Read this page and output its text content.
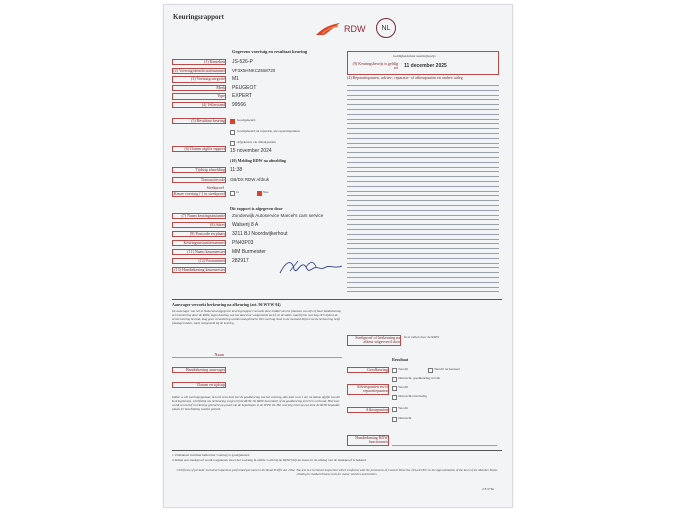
Keuringsrapport
RDW NL
Gegevens voertuig en resultaat keuring
(1) Kenteken JS-526-P
(2) Voertuigidentificatienummer VF3X5HNKCZ658720
(3) Voertuigcategorie M1
Merk PEUGEOT
Type EXPERT
(4) Tellerstand 99566
(5) Resultaat keuring	Goedgekeurd
Goedgekeurd na reparatie, zie reparatiepunten
Afgekeurd, zie afkeurpunten
(6) Datum afgifte rapport 15 november 2024
(10) Melding RDW na afmelding
Tijdstip afmelding 11:38
Transactiecode GB/DX RDW Afdruk
Steekproef
Keuze voertuig (-) in steekproef	Ja	Nee
Dit rapport is afgegeven door
(7) Naam keuringsinstantie Zonderwijk Autoservice Marcel's cars service
(8) Adres Walserij 8 A
(9) Postcode en plaats 3211 BJ Noordwijkerhout
Keuringsinstantienummer PN43P03
(11) Naam keurmeester MM Burmeister
(12) Pasnummer 282917
(13) Handtekening keurmeester
Geldigheidsduur keuringbewijs
(9) Keuringsbewijs is geldig tot 11 december 2025
(4) Reparatiepunten, advies-, reparatie- of afkeurpunten en andere uitleg
Aanvrager verzoekt herkeuring na afkeuring (art. 96 WVW 94)
De aanvrager van het in Nederland afgegeven keuringsrapport verzoekt door middel van het plaatsen van zijn of haar handtekening een herkeuring door de RDW, tegen betaling van het daarvoor vastgestelde tarief. In de zaken waarbij het voertuig zich tijdens de eerste keuring bevond, mag geen verandering worden aangebracht. Het voertuig moet in de toestand blijven tot de herkeuring heeft plaatsgevonden, zoals vastgesteld bij de keuring.
Naam
Handtekening aanvrager
Datum en tijdstip
Indien u, als voertuigeigenaar, het niet eens bent met de goedkeuring van het voertuig, dan kunt u tot 1 uur na datum afgifte van dit keuringsbewijs, schriftelijk om herkeuring vragen bij de RDW. De RDW beoordeelt of de goedkeuring terecht is verleend. Hiervoor wordt een tarief in rekening gebracht op grond van de bepalingen in de WVW 94. Het voertuig moet op een door de RDW bepaalde plaats ter beschikking worden gesteld.
Steekproef of herkeuring na afkeur uitgevoerd door
In te vullen door de RDW
Resultaat
Goedkeuring	Terecht	Terecht na hersteel
Onterecht, goedkeuring vervalt
Adviespunten en/of reparatiepunten
Terecht
Onterecht/onvolledig
Afkeurpunten	Terecht
Onterecht
Handtekening RDW functionaris
1 Uitslaktaal invullen indien het voertuig is goedgekeurd.
2 Indien een steekproef wordt toegekend, moet het voertuig in zelfde vorm bij de RDW blijven staan tot de uitslag van de steekproef is bekend.
Certificate of periodic technical inspection performed pursuant to the Road Traffic Act 1994. The test is a technical inspection which conforms with the provisions of Council Directive 2014/45/EU on the approximation of the laws of the Member States relating to roadworthiness tests for motor vehicles and trailers.
2 E 076a
